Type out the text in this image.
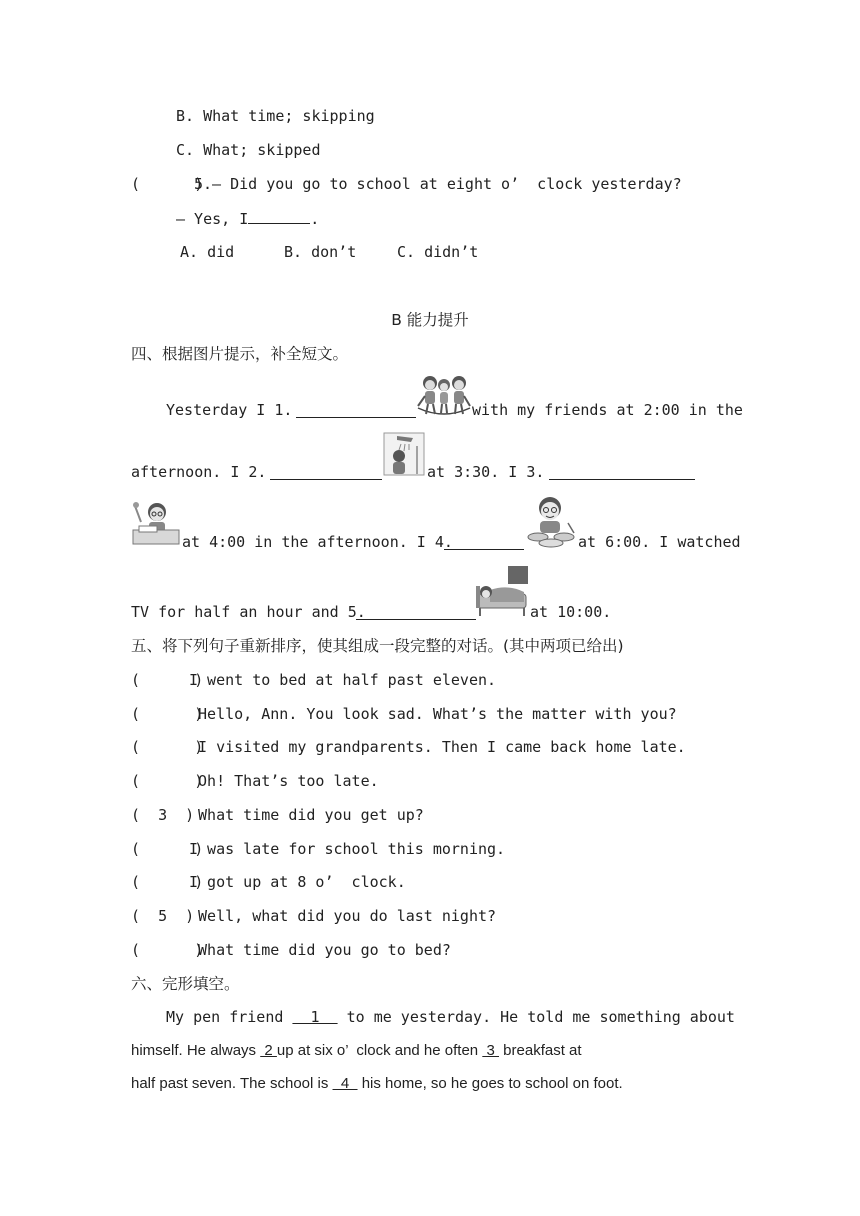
B. What time; skipping
C. What; skipped
(      )
5.— Did you go to school at eight o’  clock yesterday?
— Yes, I	.
A. did	B. don’t	C. didn’t
B 能力提升
四、根据图片提示，补全短文。
Yesterday I 1.	with my friends at 2:00 in the
afternoon. I 2.	at 3:30. I 3.
at 4:00 in the afternoon. I 4.	at 6:00. I watched
TV for half an hour and 5.	at 10:00.
五、将下列句子重新排序，使其组成一段完整的对话。(其中两项已给出)
(      )
I went to bed at half past eleven.
(      )
Hello, Ann. You look sad. What’s the matter with you?
(      )
I visited my grandparents. Then I came back home late.
(      )
Oh! That’s too late.
(  3  )
What time did you get up?
(      )
I was late for school this morning.
(      )
I got up at 8 o’  clock.
(  5  )
Well, what did you do last night?
(      )
What time did you go to bed?
六、完形填空。
My pen friend   1   to me yesterday. He told me something about
himself. He always  2 up at six o’  clock and he often  3  breakfast at
half past seven. The school is   4   his home, so he goes to school on foot.
